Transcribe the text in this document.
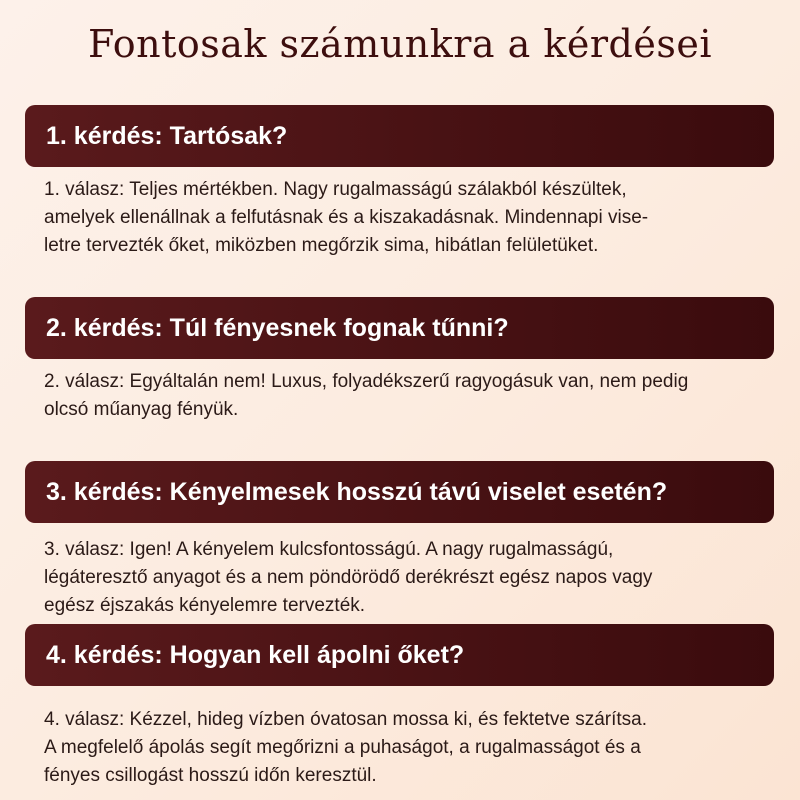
Fontosak számunkra a kérdései
1. kérdés: Tartósak?
1. válasz: Teljes mértékben. Nagy rugalmasságú szálakból készültek,
amelyek ellenállnak a felfutásnak és a kiszakadásnak. Mindennapi vise-
letre tervezték őket, miközben megőrzik sima, hibátlan felületüket.
2. kérdés: Túl fényesnek fognak tűnni?
2. válasz: Egyáltalán nem! Luxus, folyadékszerű ragyogásuk van, nem pedig
olcsó műanyag fényük.
3. kérdés: Kényelmesek hosszú távú viselet esetén?
3. válasz: Igen! A kényelem kulcsfontosságú. A nagy rugalmasságú,
légáteresztő anyagot és a nem pöndörödő derékrészt egész napos vagy
egész éjszakás kényelemre tervezték.
4. kérdés: Hogyan kell ápolni őket?
4. válasz: Kézzel, hideg vízben óvatosan mossa ki, és fektetve szárítsa.
A megfelelő ápolás segít megőrizni a puhaságot, a rugalmasságot és a
fényes csillogást hosszú időn keresztül.
